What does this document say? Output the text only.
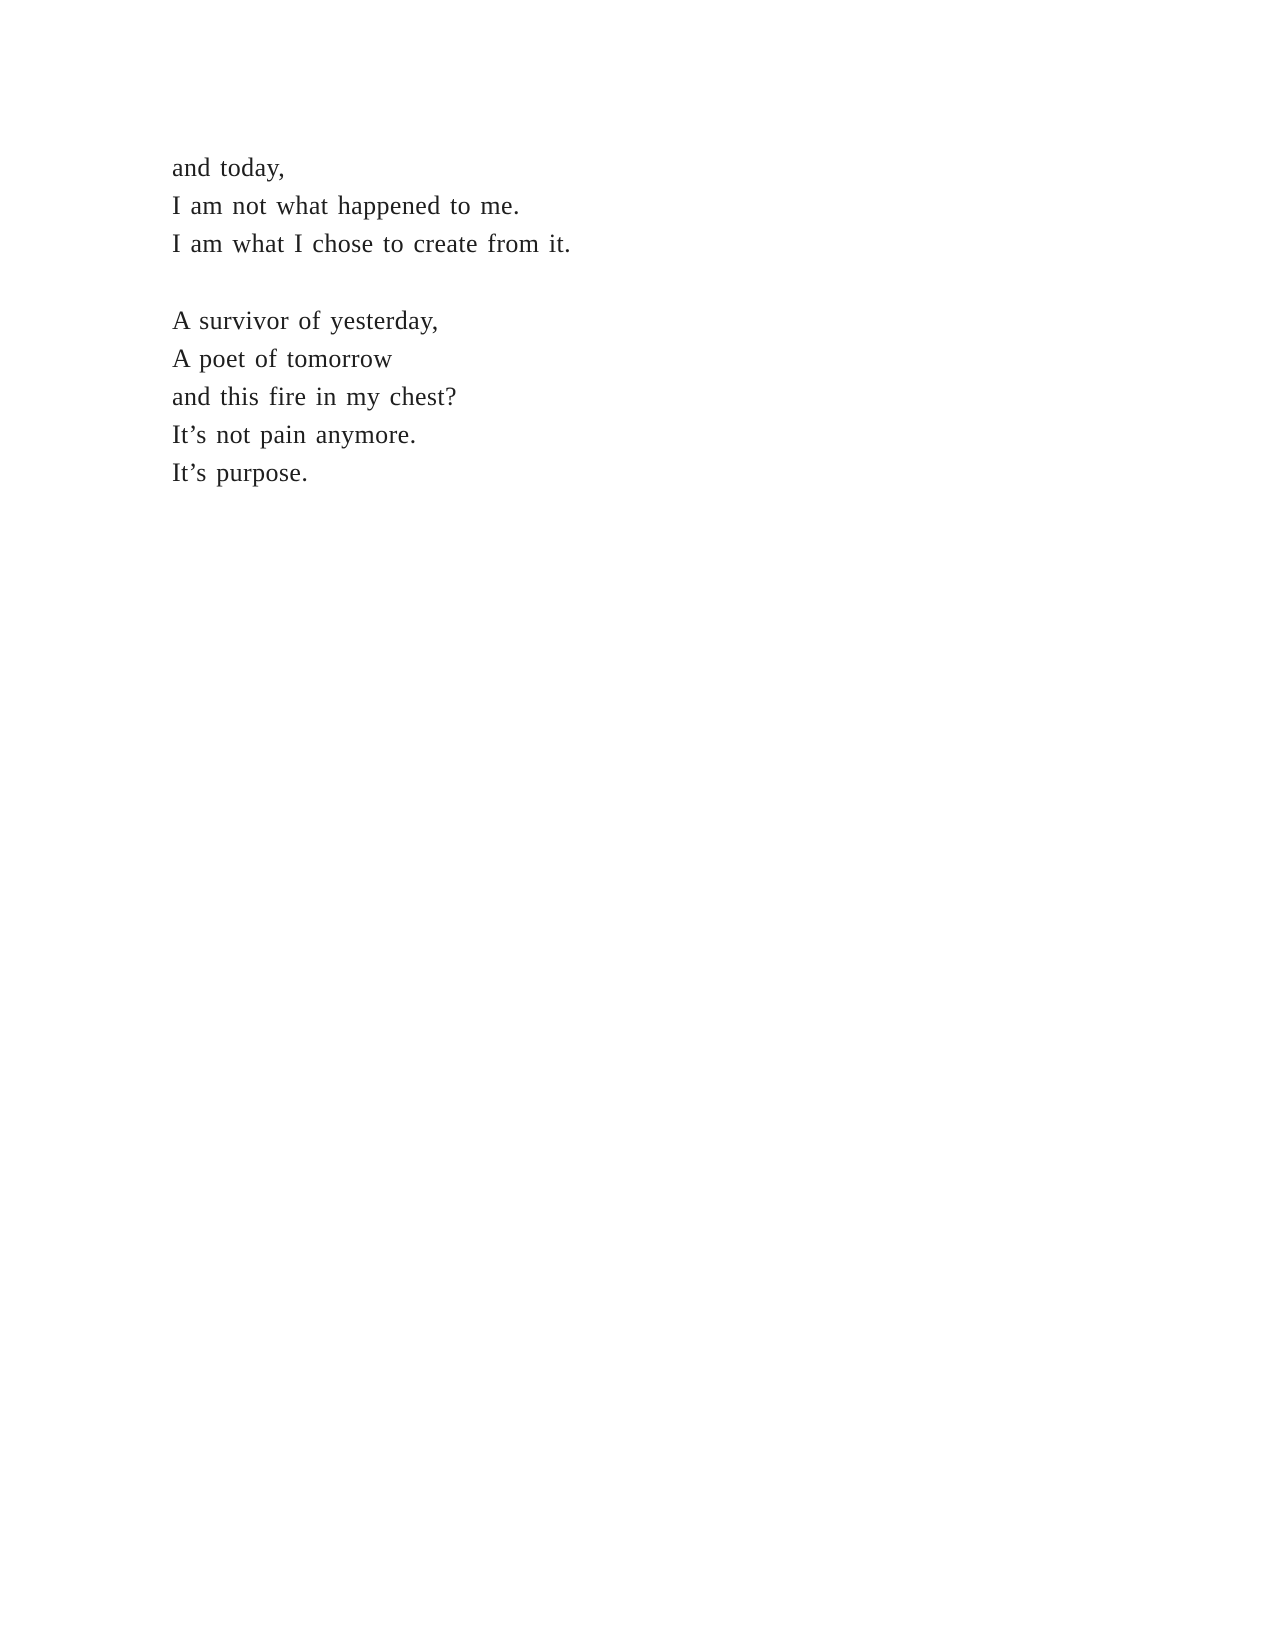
and today,

I am not what happened to me.

I am what I chose to create from it.

A survivor of yesterday,

A poet of tomorrow

and this fire in my chest?

It’s not pain anymore.

It’s purpose.
